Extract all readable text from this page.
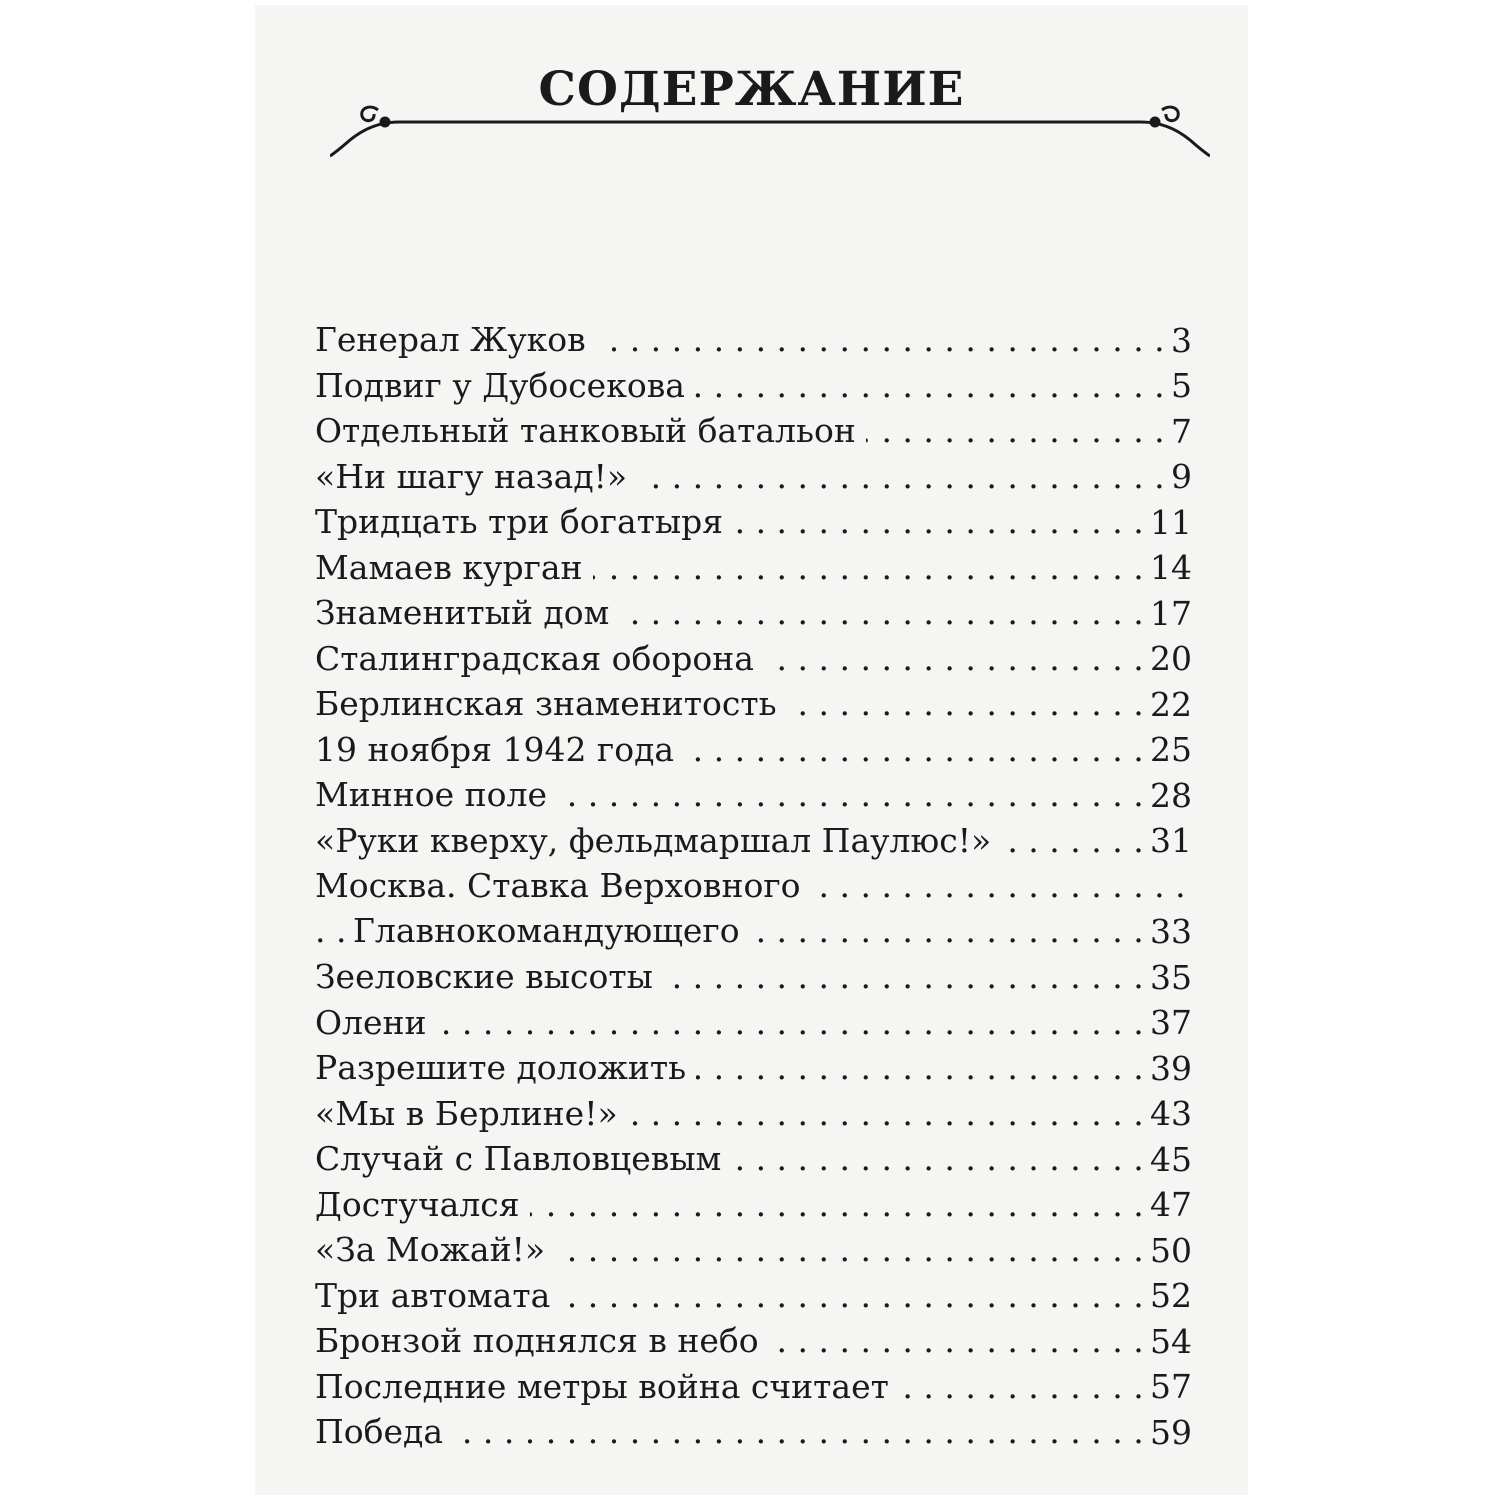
СОДЕРЖАНИЕ
. . .
Генерал Жуков	3
. . .
Подвиг у Дубосекова	5
. . .
Отдельный танковый батальон	7
. . .
«Ни шагу назад!»	9
. . .
Тридцать три богатыря	11
. . .
Мамаев курган	14
. . .
Знаменитый дом	17
. . .
Сталинградская оборона	20
. . .
Берлинская знаменитость	22
. . .
19 ноября 1942 года	25
. . .
Минное поле	28
. . .
«Руки кверху, фельдмаршал Паулюс!»	31
. . .
. . .
Москва. Ставка Верховного
Главнокомандующего	33
. . .
Зееловские высоты	35
. . .
Олени	37
. . .
Разрешите доложить	39
. . .
«Мы в Берлине!»	43
. . .
Случай с Павловцевым	45
. . .
Достучался	47
. . .
«За Можай!»	50
. . .
Три автомата	52
. . .
Бронзой поднялся в небо	54
. . .
Последние метры война считает	57
. . .
Победа	59
